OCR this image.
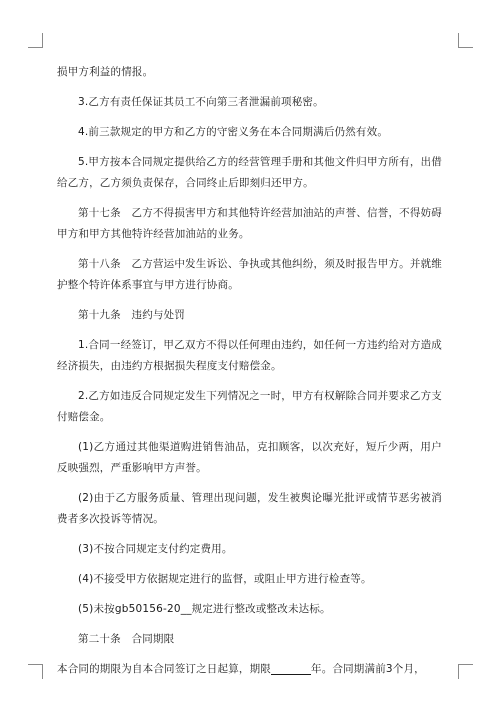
损甲方利益的情报。

3.乙方有责任保证其员工不向第三者泄漏前项秘密。

4.前三款规定的甲方和乙方的守密义务在本合同期满后仍然有效。

5.甲方按本合同规定提供给乙方的经营管理手册和其他文件归甲方所有，出借给乙方，乙方须负责保存，合同终止后即刻归还甲方。

第十七条　乙方不得损害甲方和其他特许经营加油站的声誉、信誉，不得妨碍甲方和甲方其他特许经营加油站的业务。

第十八条　乙方营运中发生诉讼、争执或其他纠纷，须及时报告甲方。并就维护整个特许体系事宜与甲方进行协商。

第十九条　违约与处罚

1.合同一经签订，甲乙双方不得以任何理由违约，如任何一方违约给对方造成经济损失，由违约方根据损失程度支付赔偿金。

2.乙方如违反合同规定发生下列情况之一时，甲方有权解除合同并要求乙方支付赔偿金。

(1)乙方通过其他渠道购进销售油品，克扣顾客，以次充好，短斤少两，用户反映强烈，严重影响甲方声誉。

(2)由于乙方服务质量、管理出现问题，发生被舆论曝光批评或情节恶劣被消费者多次投诉等情况。

(3)不按合同规定支付约定费用。

(4)不接受甲方依据规定进行的监督，或阻止甲方进行检查等。

(5)未按gb50156-20__规定进行整改或整改未达标。

第二十条　合同期限

本合同的期限为自本合同签订之日起算，期限	年。合同期满前3个月，
